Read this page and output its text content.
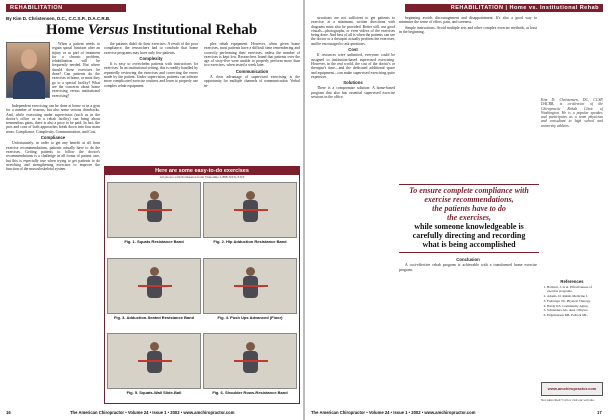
REHABILITATION
By Kim D. Christensen, D.C., C.C.S.P., D.A.C.R.B.
Home Versus Institutional Rehab

When a patient needs to regain spinal function after an injury or as part of treatment for a chronic problem, rehabilitation will be frequently needed. But where should these exercises be done? Can patients do the exercises at home, or must they go to a special facility? What are the concerns about home exercising versus institutional exercising?

Independent exercising can be done at home or in a gym for a number of reasons, but also some serious drawbacks. And, while exercising under supervision (such as in the doctor's office or in a rehab facility) can bring about tremendous gains, there is also a price to be paid. In fact, the pros and cons of both approaches break down into four main areas: Compliance, Complexity, Communication, and Cost.

Compliance

Unfortunately, in order to get any benefit at all from exercise recommendations, patients actually have to do the exercises. Getting patients to follow the doctor's recommendations is a challenge in all forms of patient care, but this is especially true when trying to get patients to do stretching and strengthening exercises to improve the function of the musculoskeletal system.

the patients didn't do their exercises. A result of the poor compliance, the researchers had to conclude that home exercise programs may have only few patients.

Complexity

It is easy to overwhelm patients with instructions for exercises. In an institutional setting, this is readily handled by repeatedly reviewing the exercises and correcting the errors made by the patient. Under supervision, patients can tolerate more complicated exercise routines and learn to properly use complex rehab equipment.

plex rehab equipment. However, when given home exercises, most patients have a difficult time remembering and correctly performing their exercises, unless the number of exercises is kept low. Researchers found that patients over the age of sixty-five were unable to properly perform more than two exercises, when tested a week later.

Communication

A clear advantage of supervised exercising is the opportunity for multiple channels of communication. Verbal in-

Here are some easy-to-do exercises
All photos with Permission from Videotime 1-888-XXX-XXX
Fig. 1. Squats Resistance Band	Fig. 2. Hip Adduction Resistance Band
Fig. 3. Adduction-Seated Resistance Band	Fig. 4. Push Ups Advanced (Floor)
Fig. 5. Squats-Wall Slide-Ball	Fig. 6. Shoulder Rows-Resistance Band
16	The American Chiropractor • Volume 24 • Issue 1 • 2002 • www.amchiropractor.com
REHABILITATION | Home vs. Institutional Rehab

structions are not sufficient to get patients to exercise; at a minimum, written directions with diagrams must also be provided. Better still, use good visuals—photographs, or even videos of the exercises being done. And best of all is when the patients can see the doctor or a therapist actually perform the exercises, and be encouraged to ask questions.

Cost

If resources were unlimited, everyone could be assigned to institution-based supervised exercising. However, in the real world, the cost of the doctor's or therapist's time—and the dedicated additional space and equipment—can make supervised exercising quite expensive.

Solutions

There is a compromise solution: A home-based program that also has essential supervised exercise sessions in the office.

beginning avoids discouragement and disappointment. It's also a good way to minimize the sense of effort, pain, and soreness.

Simple instructions. Avoid multiple sets and other complex exercise methods, at least in the beginning.

To ensure complete compliance with
exercise recommendations,
the patients have to do
the exercises,
while someone knowledgeable is
carefully directing and recording
what is being accomplished
Conclusion

A cost-effective rehab program is achievable with a transformed home exercise program.

Kim D. Christensen, DC, CCSP, DACRB, is co-director of the Chiropractic Rehab Clinic of Washington. He is a popular speaker, and participates as a team physician and consultant to high school and university athletes.
References
1. Bobbert, J. et al. Effectiveness of exercise programs.
2. Adams, D. Rehab-Medicine J.
3. Freburger JK. Physical Therapy.
4. Hardy KS. Community Aging.
5. Schneiders AG. Aust J Physio.
6. Engebretsen KB. Pollock ML.
www.amchiropractor.com
Not subscribed? Call or visit our web site.
The American Chiropractor • Volume 24 • Issue 1 • 2002 • www.amchiropractor.com	17
